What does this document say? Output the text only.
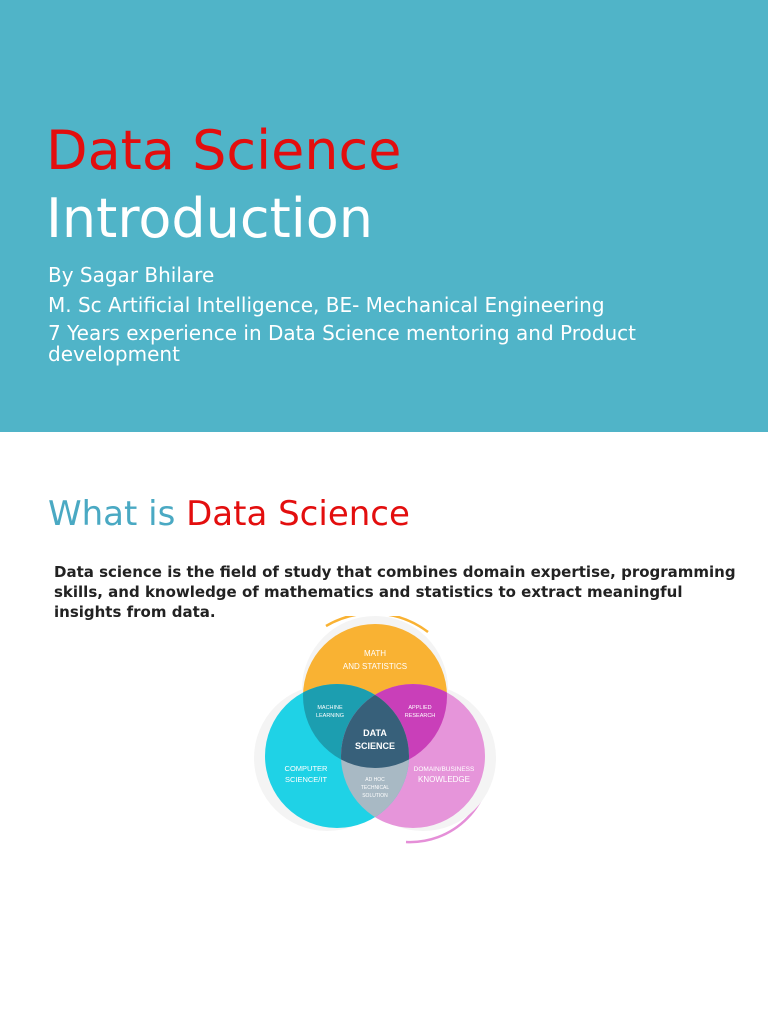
Data Science
Introduction
By Sagar Bhilare
M. Sc Artificial Intelligence, BE- Mechanical Engineering
7 Years experience in Data Science mentoring and Product
development
What is Data Science
Data science is the field of study that combines domain expertise, programming skills, and knowledge of mathematics and statistics to extract meaningful insights from data.
MATH
AND STATISTICS
COMPUTER
SCIENCE/IT
DOMAIN/BUSINESS
KNOWLEDGE
MACHINE
LEARNING
APPLIED
RESEARCH
AD HOC
TECHNICAL
SOLUTION
DATA
SCIENCE
